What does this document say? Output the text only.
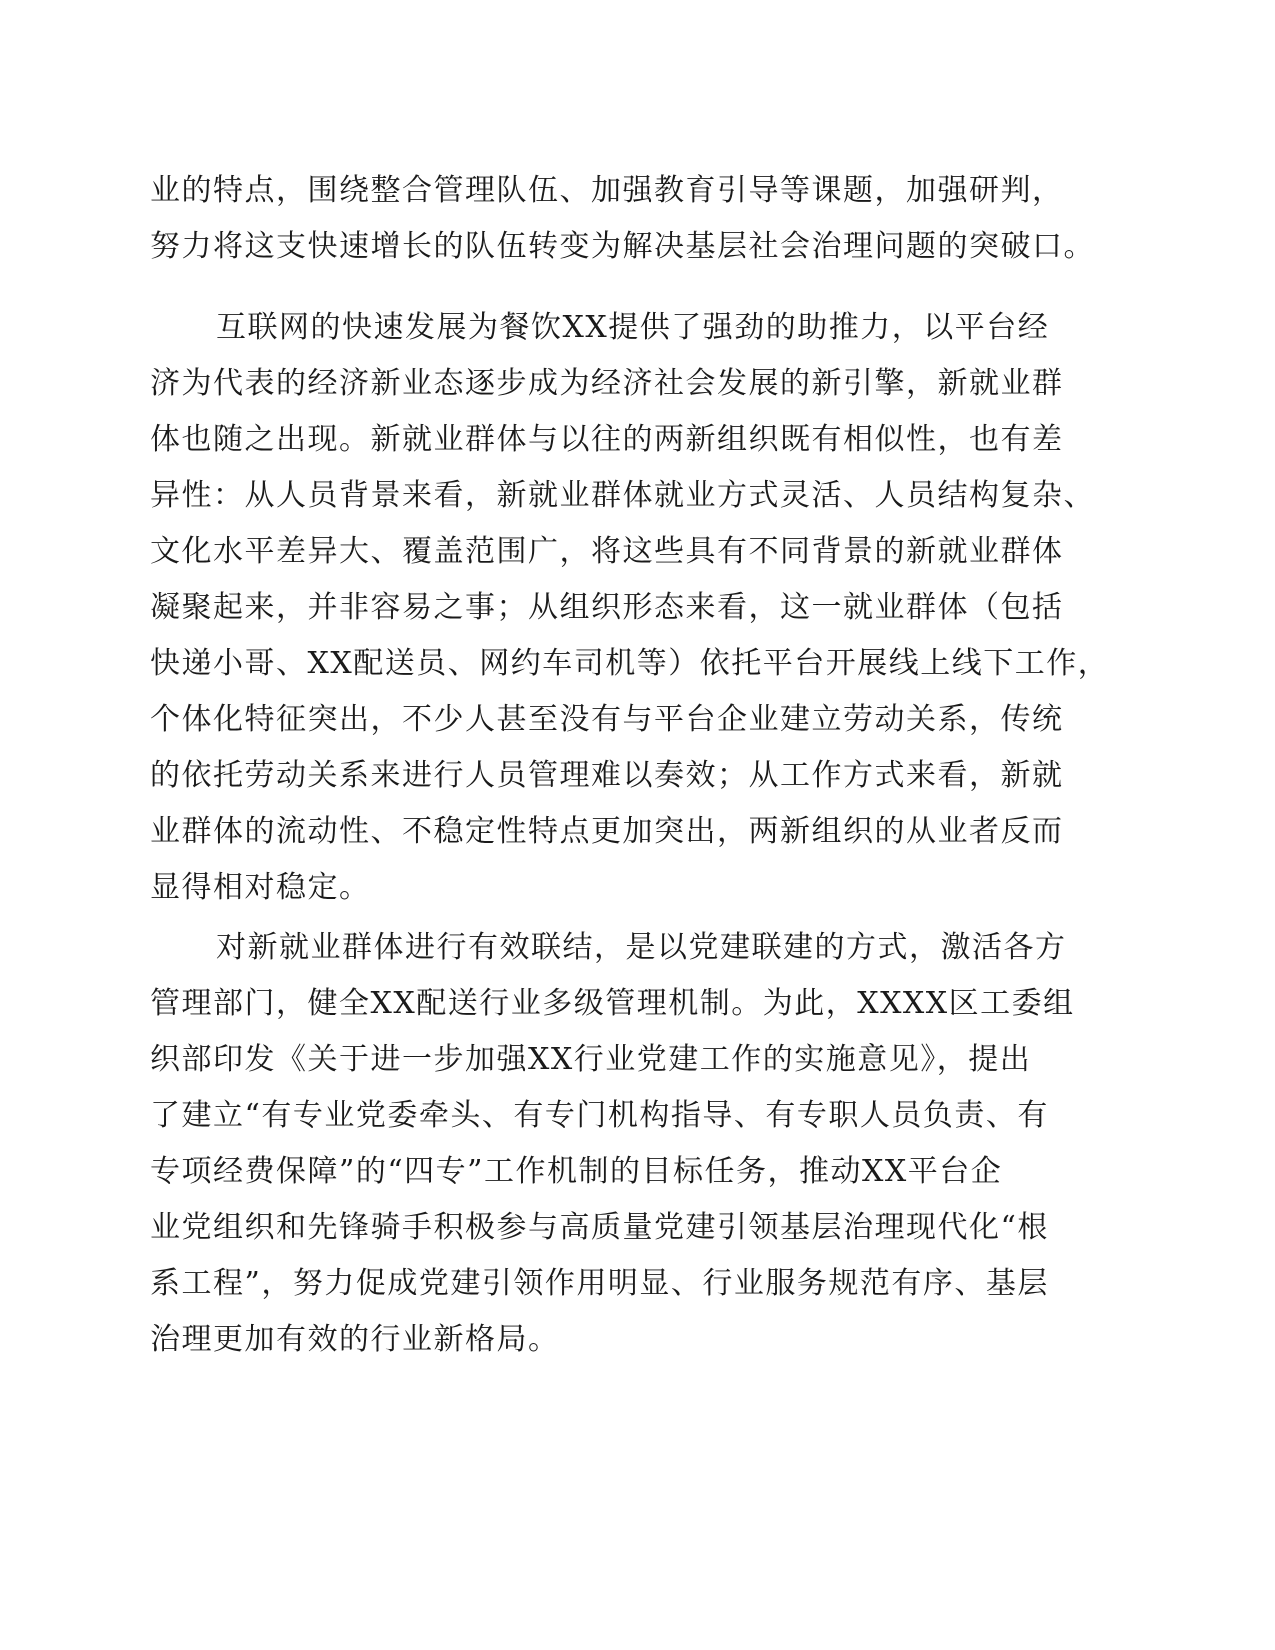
业的特点，围绕整合管理队伍、加强教育引导等课题，加强研判，
努力将这支快速增长的队伍转变为解决基层社会治理问题的突破口。
互联网的快速发展为餐饮XX提供了强劲的助推力，以平台经
济为代表的经济新业态逐步成为经济社会发展的新引擎，新就业群
体也随之出现。新就业群体与以往的两新组织既有相似性，也有差
异性：从人员背景来看，新就业群体就业方式灵活、人员结构复杂、
文化水平差异大、覆盖范围广，将这些具有不同背景的新就业群体
凝聚起来，并非容易之事；从组织形态来看，这一就业群体（包括
快递小哥、XX配送员、网约车司机等）依托平台开展线上线下工作，
个体化特征突出，不少人甚至没有与平台企业建立劳动关系，传统
的依托劳动关系来进行人员管理难以奏效；从工作方式来看，新就
业群体的流动性、不稳定性特点更加突出，两新组织的从业者反而
显得相对稳定。
对新就业群体进行有效联结，是以党建联建的方式，激活各方
管理部门，健全XX配送行业多级管理机制。为此，XXXX区工委组
织部印发《关于进一步加强XX行业党建工作的实施意见》，提出
了建立“有专业党委牵头、有专门机构指导、有专职人员负责、有
专项经费保障”的“四专”工作机制的目标任务，推动XX平台企
业党组织和先锋骑手积极参与高质量党建引领基层治理现代化“根
系工程”，努力促成党建引领作用明显、行业服务规范有序、基层
治理更加有效的行业新格局。
